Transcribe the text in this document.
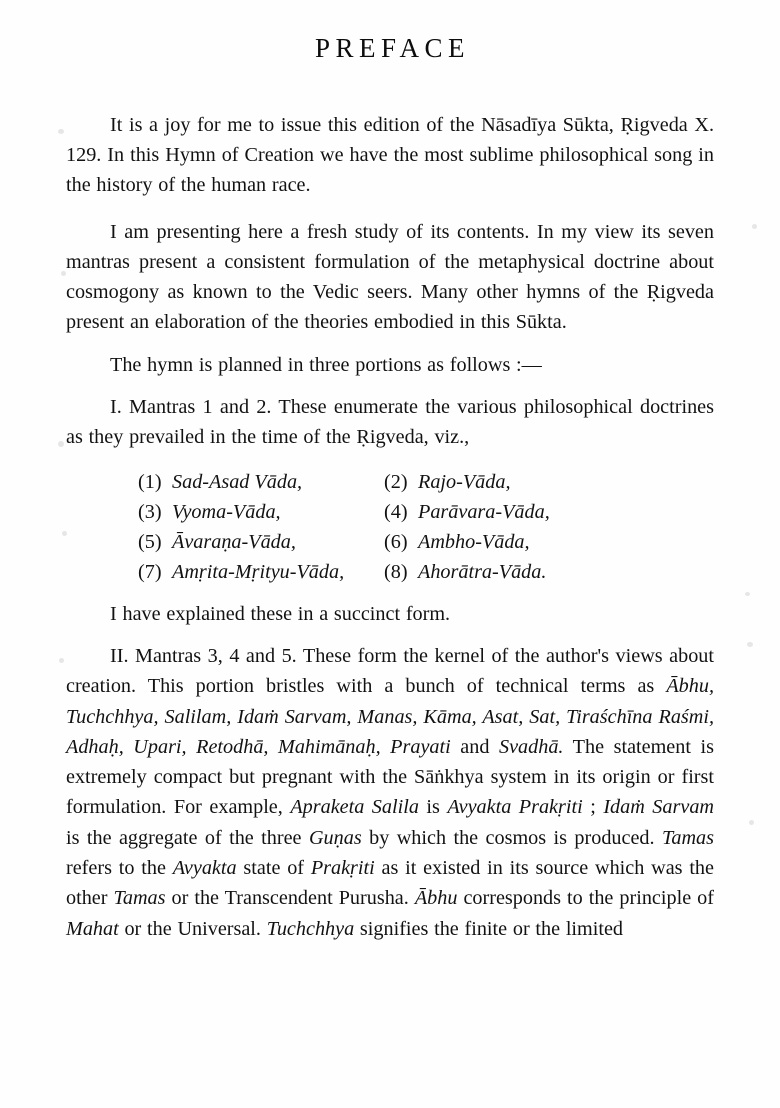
PREFACE

It is a joy for me to issue this edition of the Nāsadīya Sūkta, Ṛigveda X. 129. In this Hymn of Creation we have the most sublime philosophical song in the history of the human race.

I am presenting here a fresh study of its contents. In my view its seven mantras present a consistent formulation of the metaphysical doctrine about cosmogony as known to the Vedic seers. Many other hymns of the Ṛigveda present an elaboration of the theories embodied in this Sūkta.

The hymn is planned in three portions as follows :—

I. Mantras 1 and 2. These enumerate the various philosophical doctrines as they prevailed in the time of the Ṛigveda, viz.,

(1) Sad-Asad Vāda,	(2) Rajo-Vāda,
(3) Vyoma-Vāda,	(4) Parāvara-Vāda,
(5) Āvaraṇa-Vāda,	(6) Ambho-Vāda,
(7) Amṛita-Mṛityu-Vāda, (8) Ahorātra-Vāda.

I have explained these in a succinct form.

II. Mantras 3, 4 and 5. These form the kernel of the author's views about creation. This portion bristles with a bunch of technical terms as Ābhu, Tuchchhya, Salilam, Idaṁ Sarvam, Manas, Kāma, Asat, Sat, Tiraśchīna Raśmi, Adhaḥ, Upari, Retodhā, Mahimānaḥ, Prayati and Svadhā. The statement is extremely compact but pregnant with the Sāṅkhya system in its origin or first formulation. For example, Apraketa Salila is Avyakta Prakṛiti ; Idaṁ Sarvam is the aggregate of the three Guṇas by which the cosmos is produced. Tamas refers to the Avyakta state of Prakṛiti as it existed in its source which was the other Tamas or the Transcendent Purusha. Ābhu corresponds to the principle of Mahat or the Universal. Tuchchhya signifies the finite or the limited
